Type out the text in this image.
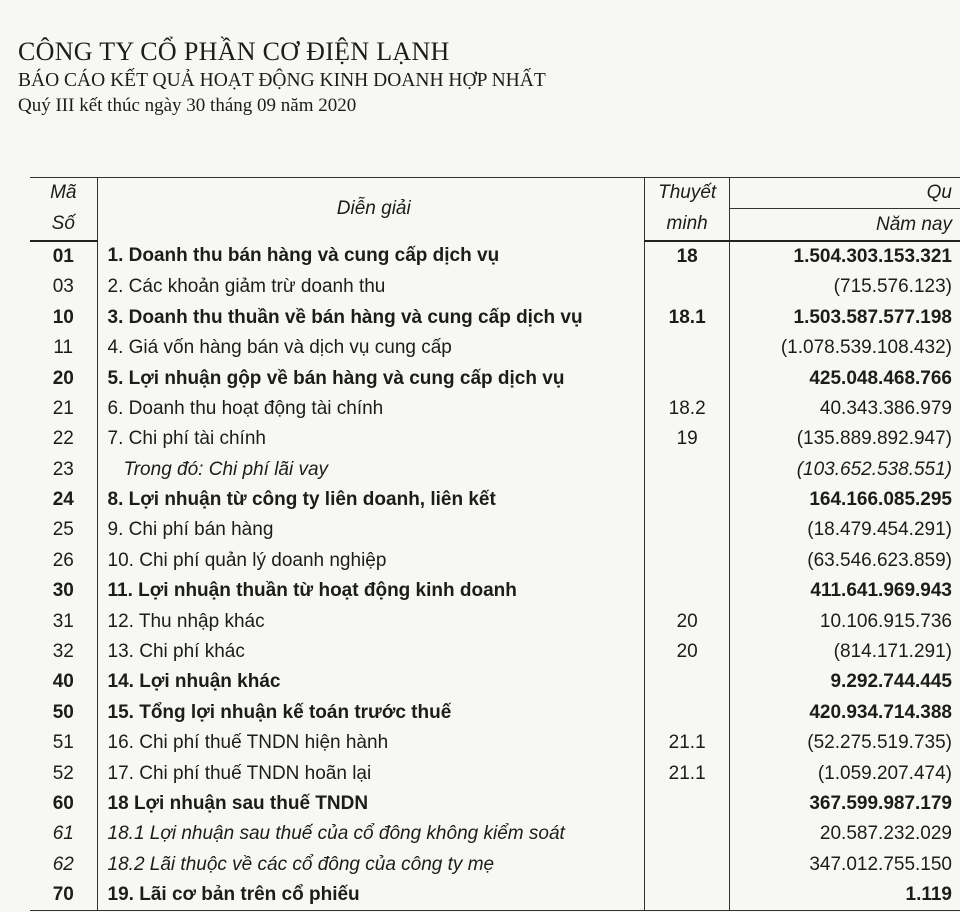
CÔNG TY CỔ PHẦN CƠ ĐIỆN LẠNH
BÁO CÁO KẾT QUẢ HOẠT ĐỘNG KINH DOANH HỢP NHẤT
Quý III kết thúc ngày 30 tháng 09 năm 2020
Mã	Diễn giải	Thuyết	Qu
Số		minh	Năm nay
01	1. Doanh thu bán hàng và cung cấp dịch vụ	18	1.504.303.153.321
03	2. Các khoản giảm trừ doanh thu		(715.576.123)
10	3. Doanh thu thuần về bán hàng và cung cấp dịch vụ	18.1	1.503.587.577.198
11	4. Giá vốn hàng bán và dịch vụ cung cấp		(1.078.539.108.432)
20	5. Lợi nhuận gộp về bán hàng và cung cấp dịch vụ		425.048.468.766
21	6. Doanh thu hoạt động tài chính	18.2	40.343.386.979
22	7. Chi phí tài chính	19	(135.889.892.947)
23	Trong đó: Chi phí lãi vay		(103.652.538.551)
24	8. Lợi nhuận từ công ty liên doanh, liên kết		164.166.085.295
25	9. Chi phí bán hàng		(18.479.454.291)
26	10. Chi phí quản lý doanh nghiệp		(63.546.623.859)
30	11. Lợi nhuận thuần từ hoạt động kinh doanh		411.641.969.943
31	12. Thu nhập khác	20	10.106.915.736
32	13. Chi phí khác	20	(814.171.291)
40	14. Lợi nhuận khác		9.292.744.445
50	15. Tổng lợi nhuận kế toán trước thuế		420.934.714.388
51	16. Chi phí thuế TNDN hiện hành	21.1	(52.275.519.735)
52	17. Chi phí thuế TNDN hoãn lại	21.1	(1.059.207.474)
60	18 Lợi nhuận sau thuế TNDN		367.599.987.179
61	18.1 Lợi nhuận sau thuế của cổ đông không kiểm soát		20.587.232.029
62	18.2 Lãi thuộc về các cổ đông của công ty mẹ		347.012.755.150
70	19. Lãi cơ bản trên cổ phiếu		1.119
